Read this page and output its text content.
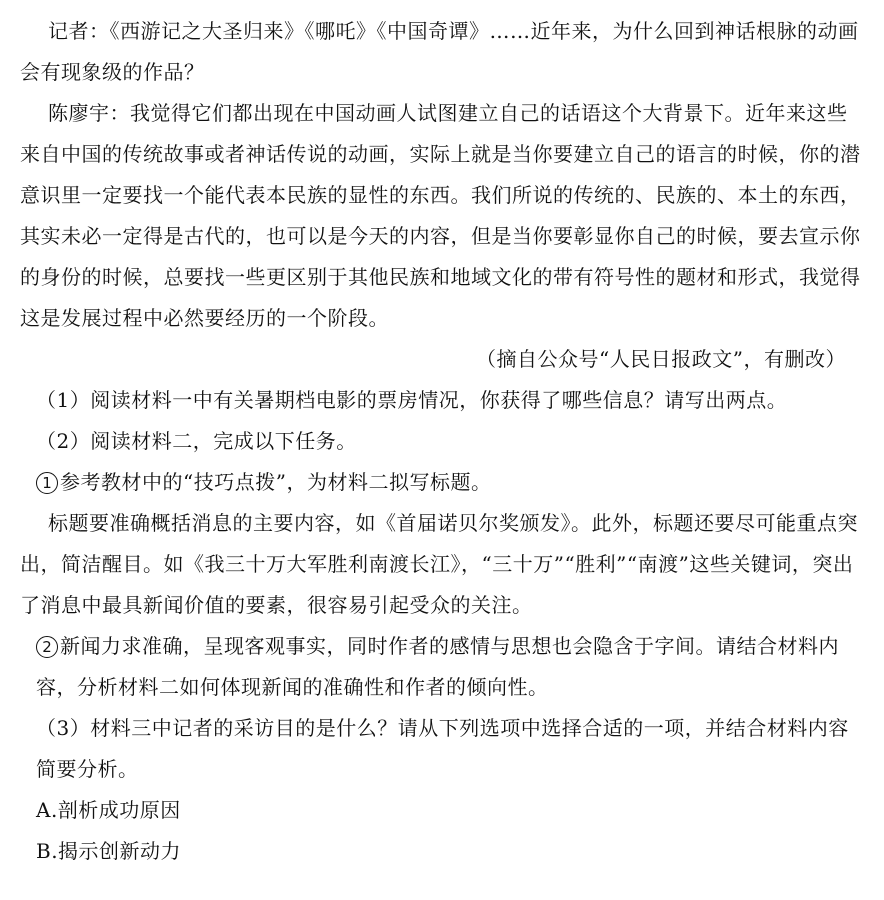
记者：《西游记之大圣归来》《哪吒》《中国奇谭》……近年来，为什么回到神话根脉的动画会有现象级的作品？

陈廖宇：我觉得它们都出现在中国动画人试图建立自己的话语这个大背景下。近年来这些来自中国的传统故事或者神话传说的动画，实际上就是当你要建立自己的语言的时候，你的潜意识里一定要找一个能代表本民族的显性的东西。我们所说的传统的、民族的、本土的东西，其实未必一定得是古代的，也可以是今天的内容，但是当你要彰显你自己的时候，要去宣示你的身份的时候，总要找一些更区别于其他民族和地域文化的带有符号性的题材和形式，我觉得这是发展过程中必然要经历的一个阶段。

（摘自公众号“人民日报政文”，有删改）

（1）阅读材料一中有关暑期档电影的票房情况，你获得了哪些信息？请写出两点。

（2）阅读材料二，完成以下任务。

1 参考教材中的“技巧点拨”，为材料二拟写标题。

标题要准确概括消息的主要内容，如《首届诺贝尔奖颁发》。此外，标题还要尽可能重点突出，简洁醒目。如《我三十万大军胜利南渡长江》，“三十万”“胜利”“南渡”这些关键词，突出了消息中最具新闻价值的要素，很容易引起受众的关注。

2 新闻力求准确，呈现客观事实，同时作者的感情与思想也会隐含于字间。请结合材料内容，分析材料二如何体现新闻的准确性和作者的倾向性。

（3）材料三中记者的采访目的是什么？请从下列选项中选择合适的一项，并结合材料内容简要分析。

A.剖析成功原因

B.揭示创新动力
